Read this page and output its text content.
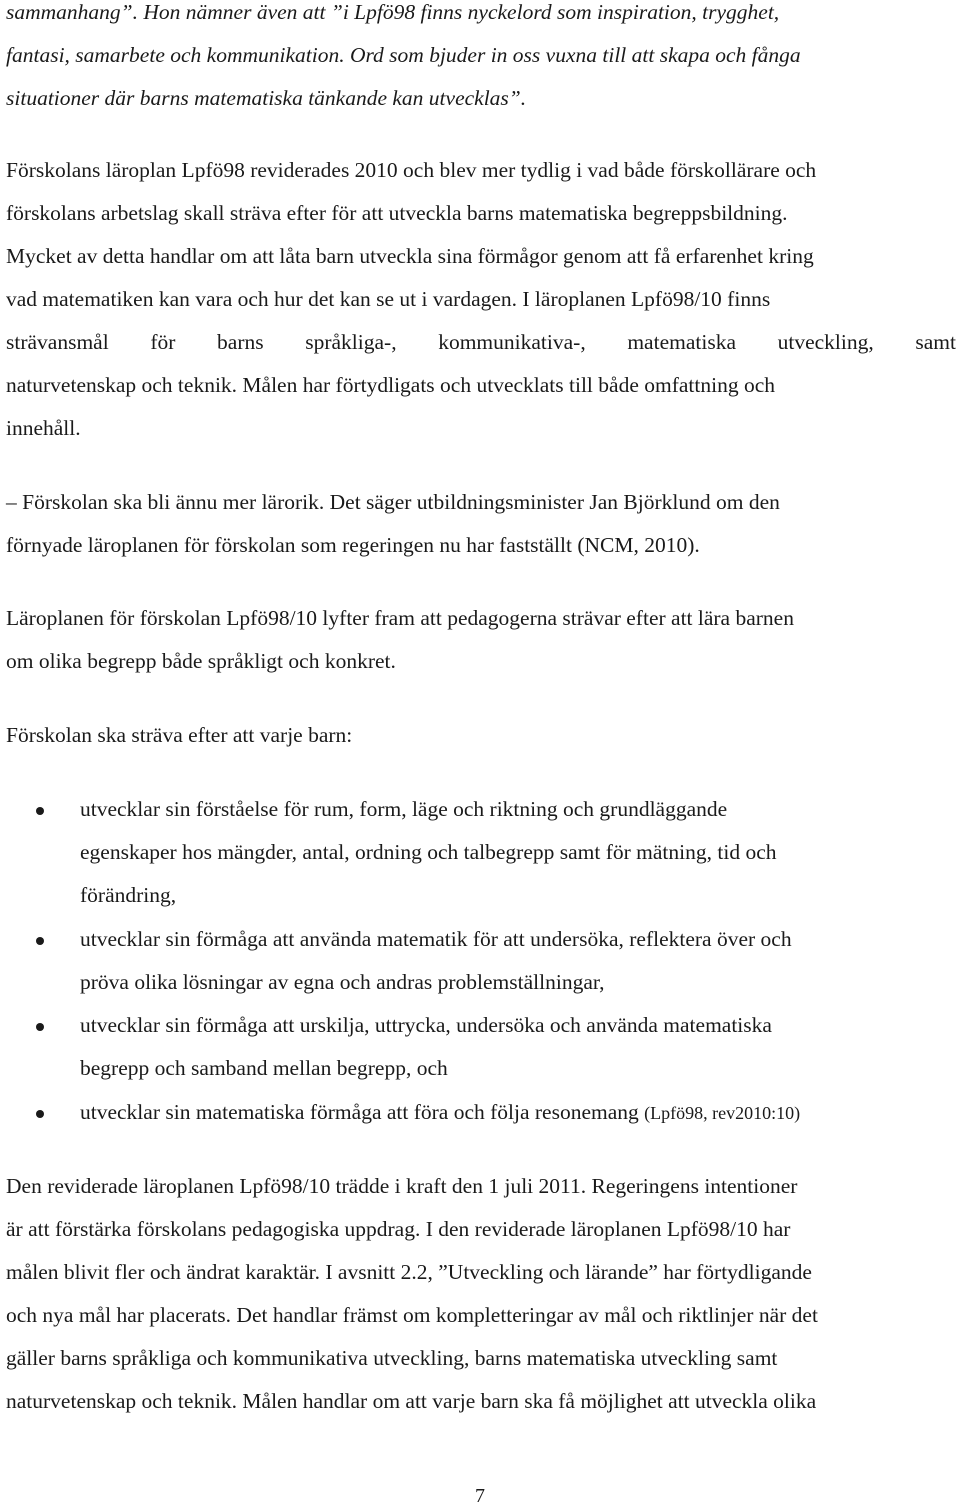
sammanhang”. Hon nämner även att ”i Lpfö98 finns nyckelord som inspiration, trygghet,
fantasi, samarbete och kommunikation. Ord som bjuder in oss vuxna till att skapa och fånga
situationer där barns matematiska tänkande kan utvecklas”.
Förskolans läroplan Lpfö98 reviderades 2010 och blev mer tydlig i vad både förskollärare och
förskolans arbetslag skall sträva efter för att utveckla barns matematiska begreppsbildning.
Mycket av detta handlar om att låta barn utveckla sina förmågor genom att få erfarenhet kring
vad matematiken kan vara och hur det kan se ut i vardagen. I läroplanen Lpfö98/10 finns
strävansmål för barns språkliga-, kommunikativa-, matematiska utveckling, samt
naturvetenskap och teknik. Målen har förtydligats och utvecklats till både omfattning och
innehåll.
– Förskolan ska bli ännu mer lärorik. Det säger utbildningsminister Jan Björklund om den
förnyade läroplanen för förskolan som regeringen nu har fastställt (NCM, 2010).
Läroplanen för förskolan Lpfö98/10 lyfter fram att pedagogerna strävar efter att lära barnen
om olika begrepp både språkligt och konkret.
Förskolan ska sträva efter att varje barn:
utvecklar sin förståelse för rum, form, läge och riktning och grundläggande
egenskaper hos mängder, antal, ordning och talbegrepp samt för mätning, tid och
förändring,
utvecklar sin förmåga att använda matematik för att undersöka, reflektera över och
pröva olika lösningar av egna och andras problemställningar,
utvecklar sin förmåga att urskilja, uttrycka, undersöka och använda matematiska
begrepp och samband mellan begrepp, och
utvecklar sin matematiska förmåga att föra och följa resonemang (Lpfö98, rev2010:10)
Den reviderade läroplanen Lpfö98/10 trädde i kraft den 1 juli 2011. Regeringens intentioner
är att förstärka förskolans pedagogiska uppdrag. I den reviderade läroplanen Lpfö98/10 har
målen blivit fler och ändrat karaktär. I avsnitt 2.2, ”Utveckling och lärande” har förtydligande
och nya mål har placerats. Det handlar främst om kompletteringar av mål och riktlinjer när det
gäller barns språkliga och kommunikativa utveckling, barns matematiska utveckling samt
naturvetenskap och teknik. Målen handlar om att varje barn ska få möjlighet att utveckla olika
7
